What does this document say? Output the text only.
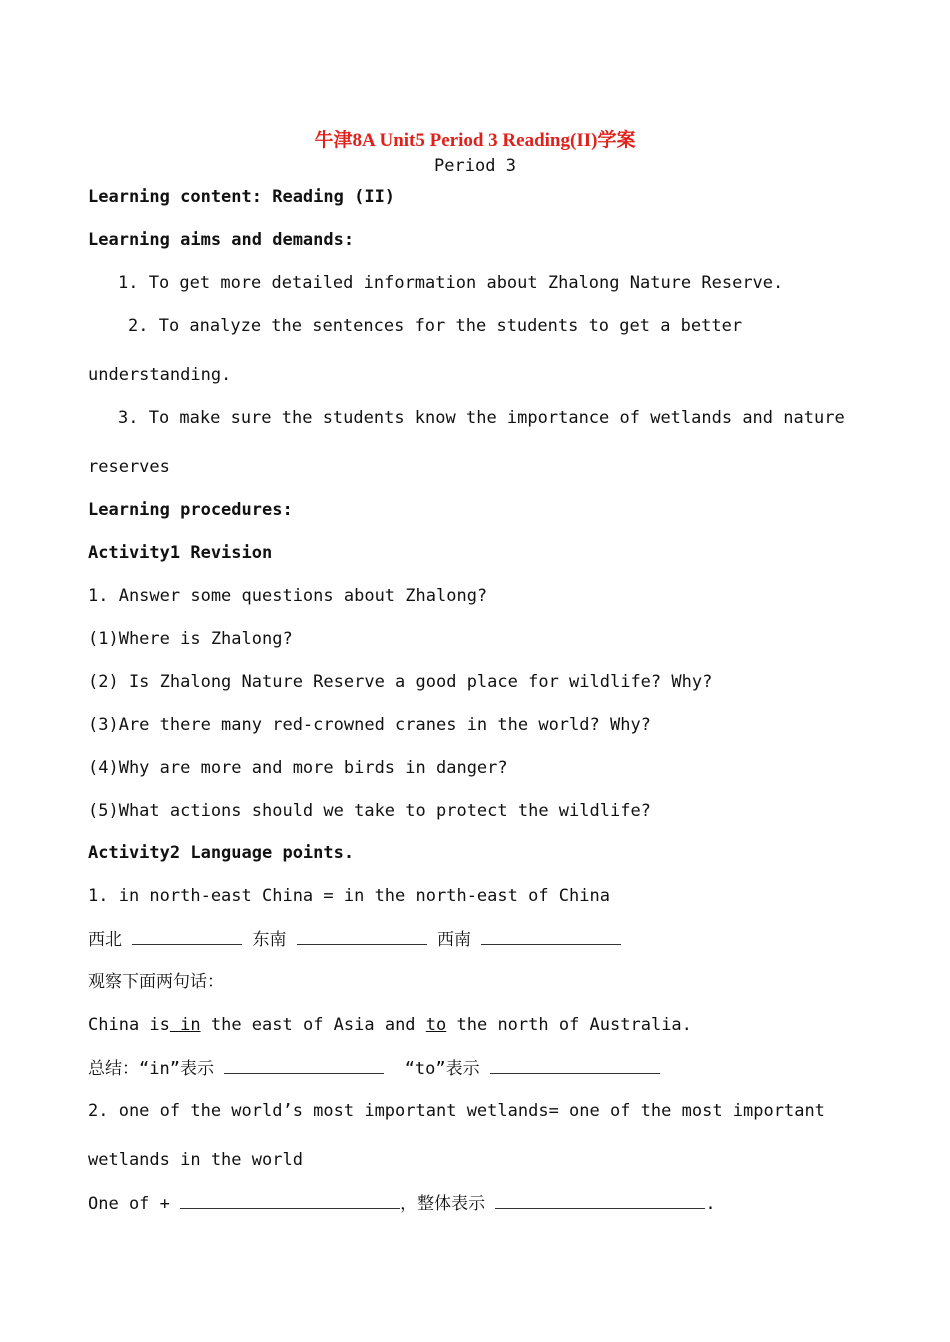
牛津8A Unit5 Period 3 Reading(II)学案
Period 3
Learning content: Reading (II)
Learning aims and demands:
1. To get more detailed information about Zhalong Nature Reserve.
2. To analyze the sentences for the students to get a better
understanding.
3. To make sure the students know the importance of wetlands and nature
reserves
Learning procedures:
Activity1 Revision
1. Answer some questions about Zhalong?
(1)Where is Zhalong?
(2) Is Zhalong Nature Reserve a good place for wildlife? Why?
(3)Are there many red-crowned cranes in the world? Why?
(4)Why are more and more birds in danger?
(5)What actions should we take to protect the wildlife?
Activity2 Language points.
1. in north-east China = in the north-east of China
西北	东南	西南
观察下面两句话：
China is in the east of Asia and to the north of Australia.
总结：“in”表示	“to”表示
2. one of the world’s most important wetlands= one of the most important
wetlands in the world
One of +	，整体表示	.
